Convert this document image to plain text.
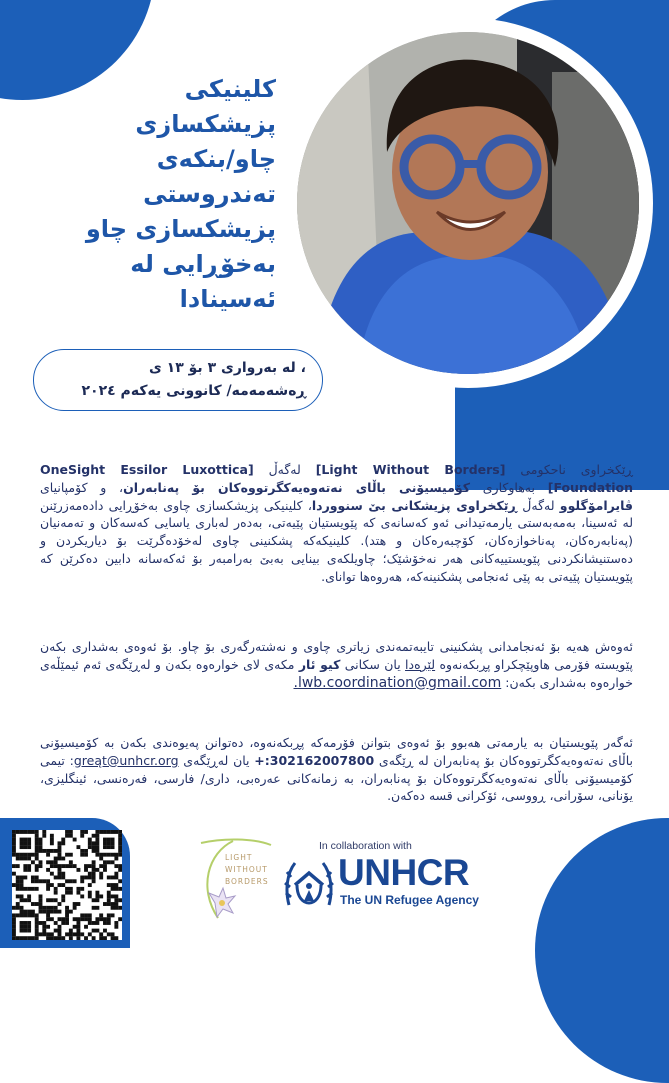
کلینیکی
پزیشکسازی
چاو/بنکەی
تەندروستی
پزیشکسازی چاو
بەخۆڕایی لە
ئەسینادا
، لە بەرواری ٣ بۆ ١٣ ی
ڕەشەمەمە/ کانوونی یەکەم ٢٠٢٤
ڕێکخراوی ناحکومی [Light Without Borders] لەگەڵ [OneSight Essilor Luxottica Foundation] بەهاوکاری کۆمیسیۆنی باڵای نەتەوەیەکگرتووەکان بۆ پەنابەران، و کۆمپانیای ڤایرامۆگلوو لەگەڵ ڕێکخراوی پزیشکانی بێ سنووردا، کلینیکی پزیشکسازی چاوی بەخۆڕایی دادەمەزرێنن لە ئەسینا، بەمەبەستی یارمەتیدانی ئەو کەسانەی کە پێویستیان پێیەتی، بەدەر لەباری یاسایی کەسەکان و تەمەنیان (پەنابەرەکان، پەناخوازەکان، کۆچبەرەکان و هتد). کلینیکەکە پشکنینی چاوی لەخۆدەگرێت بۆ دیاریکردن و دەستنیشانکردنی پێویستییەکانی هەر نەخۆشێک؛ چاویلکەی بینایی بەبێ بەرامبەر بۆ ئەکەسانە دابین دەکرێن کە پێویستیان پێیەتی بە پێی ئەنجامی پشکنینەکە، هەروەها توانای.
ئەوەش هەیە بۆ ئەنجامدانی پشکنینی تایبەتمەندی زیاتری چاوی و نەشتەرگەری بۆ چاو. بۆ ئەوەی بەشداری بکەن پێویستە فۆرمی هاوپێچکراو پڕبکەنەوە لێرەدا یان سکانی کیو ئار مکەی لای خوارەوە بکەن و لەڕێگەی ئەم ئیمێڵەی خوارەوە بەشداری بکەن: lwb.coordination@gmail.com.
ئەگەر پێویستیان بە یارمەتی هەبوو بۆ ئەوەی بتوانن فۆرمەکە پڕبکەنەوە، دەتوانن پەیوەندی بکەن بە کۆمیسیۆنی باڵای نەتەوەیەکگرتووەکان بۆ پەنابەران لە ڕێگەی 302162007800:+ یان لەڕێگەی greąt@unhcr.org: تیمی کۆمیسیۆنی باڵای نەتەوەیەکگرتووەکان بۆ پەنابەران، بە زمانەکانی عەرەبی، داری/ فارسی، فەرەنسی، ئینگلیزی، یۆنانی، سۆرانی، ڕووسی، ئۆکرانی قسە دەکەن.
LIGHT
WITHOUT
BORDERS
In collaboration with
UNHCR
The UN Refugee Agency
